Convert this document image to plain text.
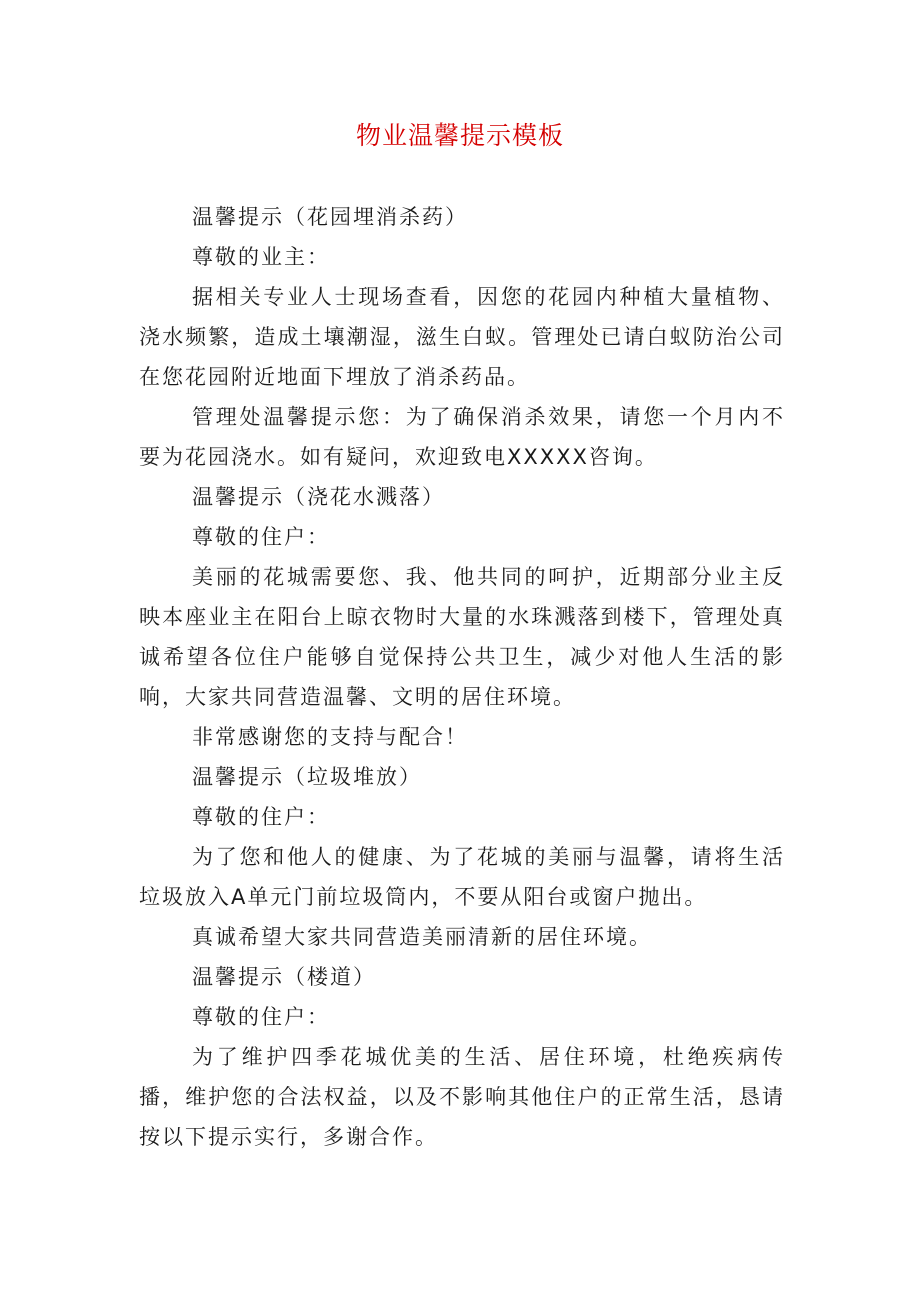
物业温馨提示模板

温馨提示（花园埋消杀药）

尊敬的业主：

据相关专业人士现场查看，因您的花园内种植大量植物、浇水频繁，造成土壤潮湿，滋生白蚁。管理处已请白蚁防治公司在您花园附近地面下埋放了消杀药品。

管理处温馨提示您：为了确保消杀效果，请您一个月内不要为花园浇水。如有疑问，欢迎致电XXXXX咨询。

温馨提示（浇花水溅落）

尊敬的住户：

美丽的花城需要您、我、他共同的呵护，近期部分业主反映本座业主在阳台上晾衣物时大量的水珠溅落到楼下，管理处真诚希望各位住户能够自觉保持公共卫生，减少对他人生活的影响，大家共同营造温馨、文明的居住环境。

非常感谢您的支持与配合！

温馨提示（垃圾堆放）

尊敬的住户：

为了您和他人的健康、为了花城的美丽与温馨，请将生活垃圾放入A单元门前垃圾筒内，不要从阳台或窗户抛出。

真诚希望大家共同营造美丽清新的居住环境。

温馨提示（楼道）

尊敬的住户：

为了维护四季花城优美的生活、居住环境，杜绝疾病传播，维护您的合法权益，以及不影响其他住户的正常生活，恳请按以下提示实行，多谢合作。
